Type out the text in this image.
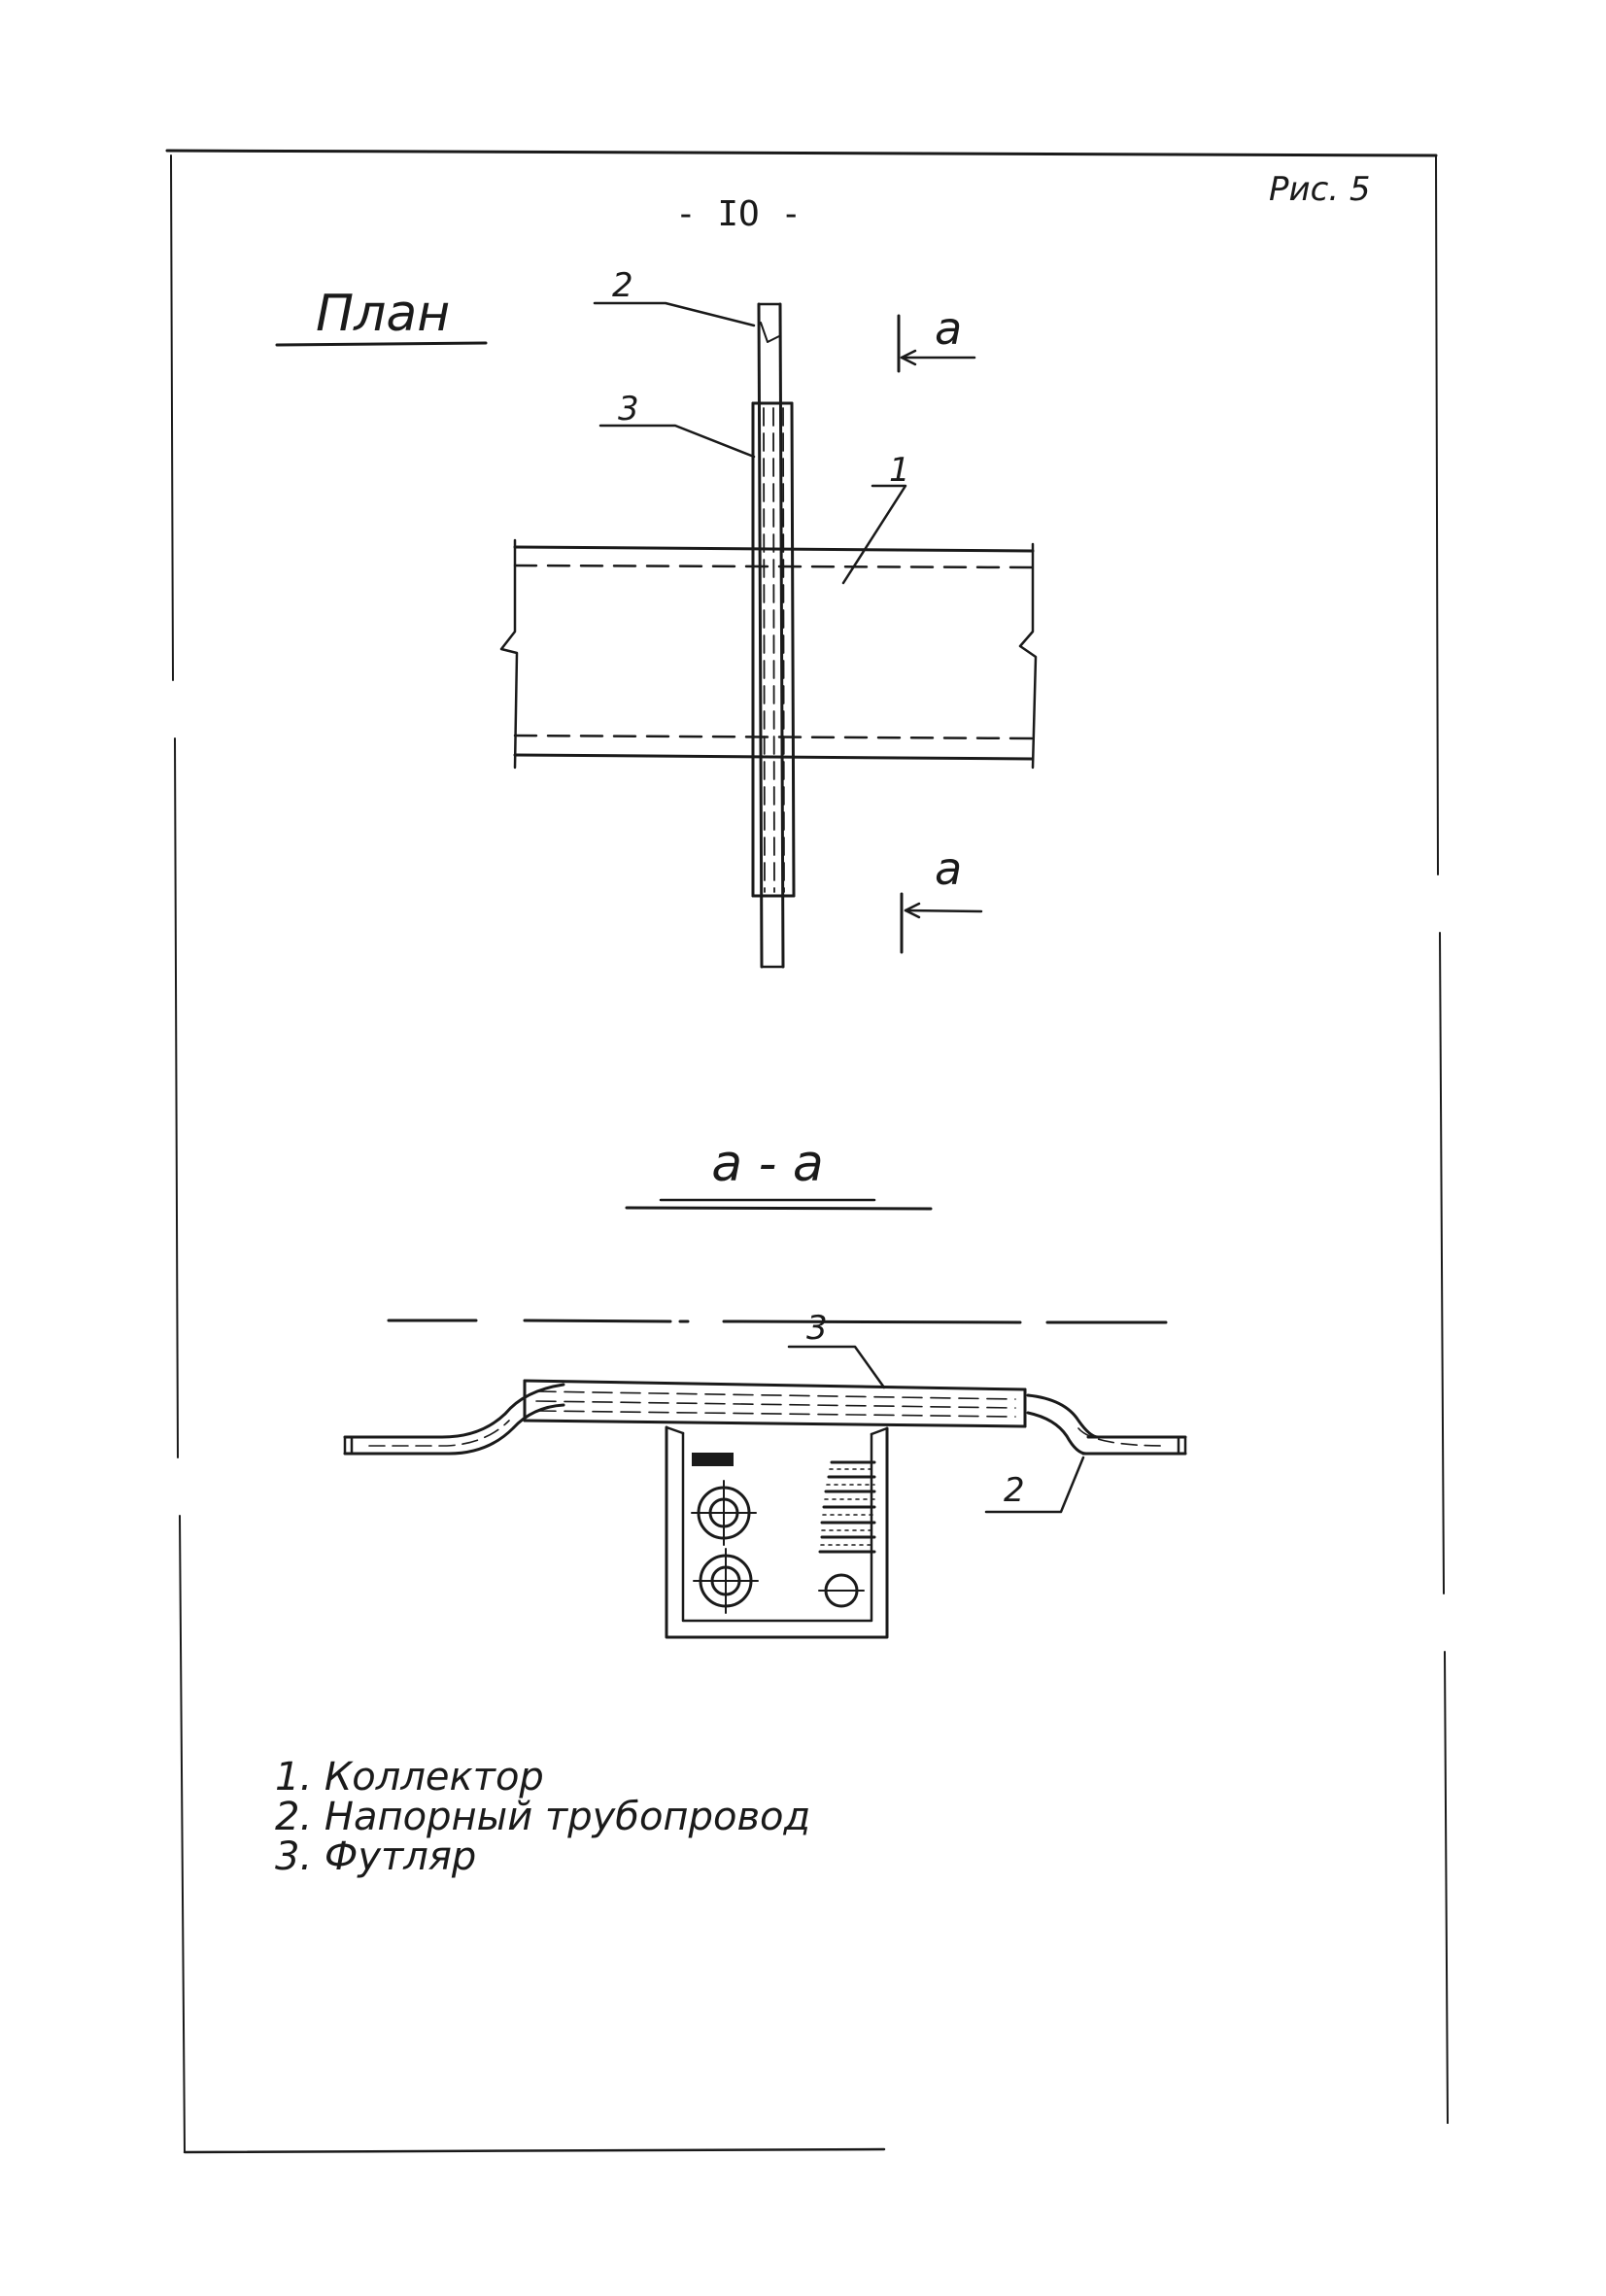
- IO -
Рис. 5
План	2
3
1
а
а
а - а
3
2
1. Коллектор
2. Напорный трубопровод
3. Футляр
